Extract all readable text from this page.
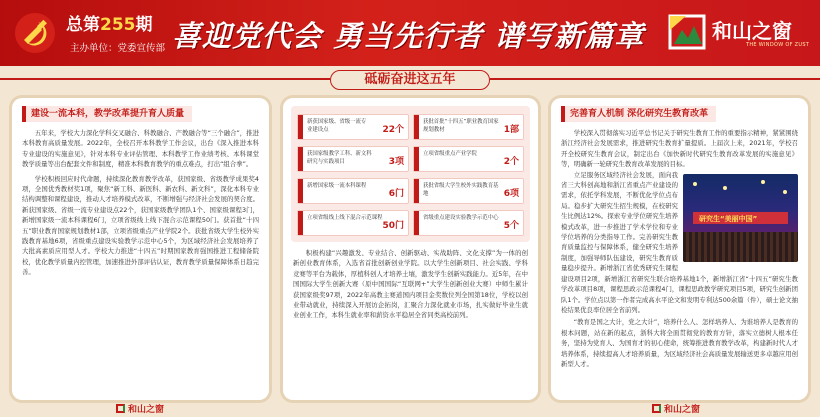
总第255期
主办单位：党委宣传部 喜迎党代会 勇当先行者 谱写新篇章	和山之窗
THE WINDOW OF ZUST
砥砺奋进这五年
建设一流本科，教学改革提升育人质量

五年来，学校大力深化学科交叉融合、科教融合、产教融合等“三个融合”，推进本科教育高质量发展。2022年，全校召开本科教学工作会议，出台《深入推进本科专业建设的实施意见》，针对本科专业评估管理、本科教学工作业绩考核、本科课堂教学质量等出台配套文件和制度，精准本科教育教学的重点难点，打出“组合拳”。

学校积极回应时代命题，持续深化教育教学改革，获国家级、省级教学成果奖4项，全国优秀教材奖1项，聚焦“新工科、新医科、新农科、新文科”，深化本科专业结构调整和课程建设，推动人才培养模式改革，不断增强与经济社会发展的契合度。新获国家级、省级一流专业建设点22个，获国家级教学团队1个、国家级课程3门，新增国家级一流本科课程6门，立项省级线上线下混合示范课程50门。获首批“十四五”职业教育国家规划教材1部，立项省级重点产业学院2个。获批省级大学生校外实践教育基地6项，省级重点建设实验教学示范中心5个，为区域经济社会发展培养了大批高素质应用型人才。学校大力推进“十四五”时期国家教育强国推进工程储备院校，优化教学质量内控管理，加速推进外部评估认证，教育教学质量保障体系日趋完善。

新获国家级、省级一流专业建设点	22个
获批首批“十四五”职业教育国家规划教材	1部
获国家级教学工科、新文科研究与实践项目	3项
立项省级重点产业学院
2个
新增国家级一流本科课程
6门
获批省级大学生校外实践教育基地	6项
立项省级线上线下混合示范课程
50门
省级重点建设实验教学示范中心
5个

积极构建“兴趣激发、专业结合、创新驱动、实战助阵、文化支撑”为一体的创新创业教育体系，入选省首批创新创业学院。以大学生创新项目、社会实践、学科竞赛等平台为载体，厚植科创人才培养土壤，激发学生创新实践能力。近5年，在中国国际大学生创新大赛（原中国国际“互联网+”大学生创新创业大赛）中师生累计获国家级奖97项，2022年高教主赛道国内项目金奖数位列全国第18位，学校以创业带动就业，持续深入开展访企拓岗，汇聚合力深化就业市场，扎实做好毕业生就业创业工作，本科生就业率和薪资水平稳居全省同类高校前列。

完善育人机制 深化研究生教育改革

学校深入贯彻落实习近平总书记关于研究生教育工作的重要指示精神，紧紧围绕浙江经济社会发展需求，推进研究生教育扩量提质。上届次上来，2021年，学校召开全校研究生教育会议，制定出台《加快新时代研究生教育改革发展的实施意见》等，明确新一轮研究生教育改革发展的目标。

研究生“美丽中国”

立足服务区域经济社会发展，面向我省三大科创高地和浙江省重点产业建设的需求，依托学科发展，不断优化学位点布局。稳步扩大研究生招生规模，在校研究生比例达12%。探索专业学位研究生培养模式改革，进一步推进了学术学位和专业学位培养的分类指导工作。完善研究生教育质量监控与保障体系，健全研究生培养制度，加强导师队伍建设，研究生教育质量稳步提升。新增浙江省优秀研究生课程建设项目2项，新增浙江省研究生联合培养基地1个，新增浙江省“十四五”研究生教学改革项目8项，课程思政示范课程4门，课程思政教学研究项目5项，研究生创新团队1个。学位点以第一作者完成高水平论文和发明专利达500余篇（件），硕士论文抽检结果优良率位居全省前列。

“教育是国之大计，党之大计”，培养什么人、怎样培养人、为谁培养人是教育的根本问题，站在新的起点，浙科大将全面贯彻党的教育方针，落实立德树人根本任务，坚持为党育人、为国育才的初心使命，统筹推进教育教学改革，构建新时代人才培养体系，持续提高人才培养质量，为区域经济社会高质量发展输送更多卓越应用创新型人才。

和山之窗	和山之窗
